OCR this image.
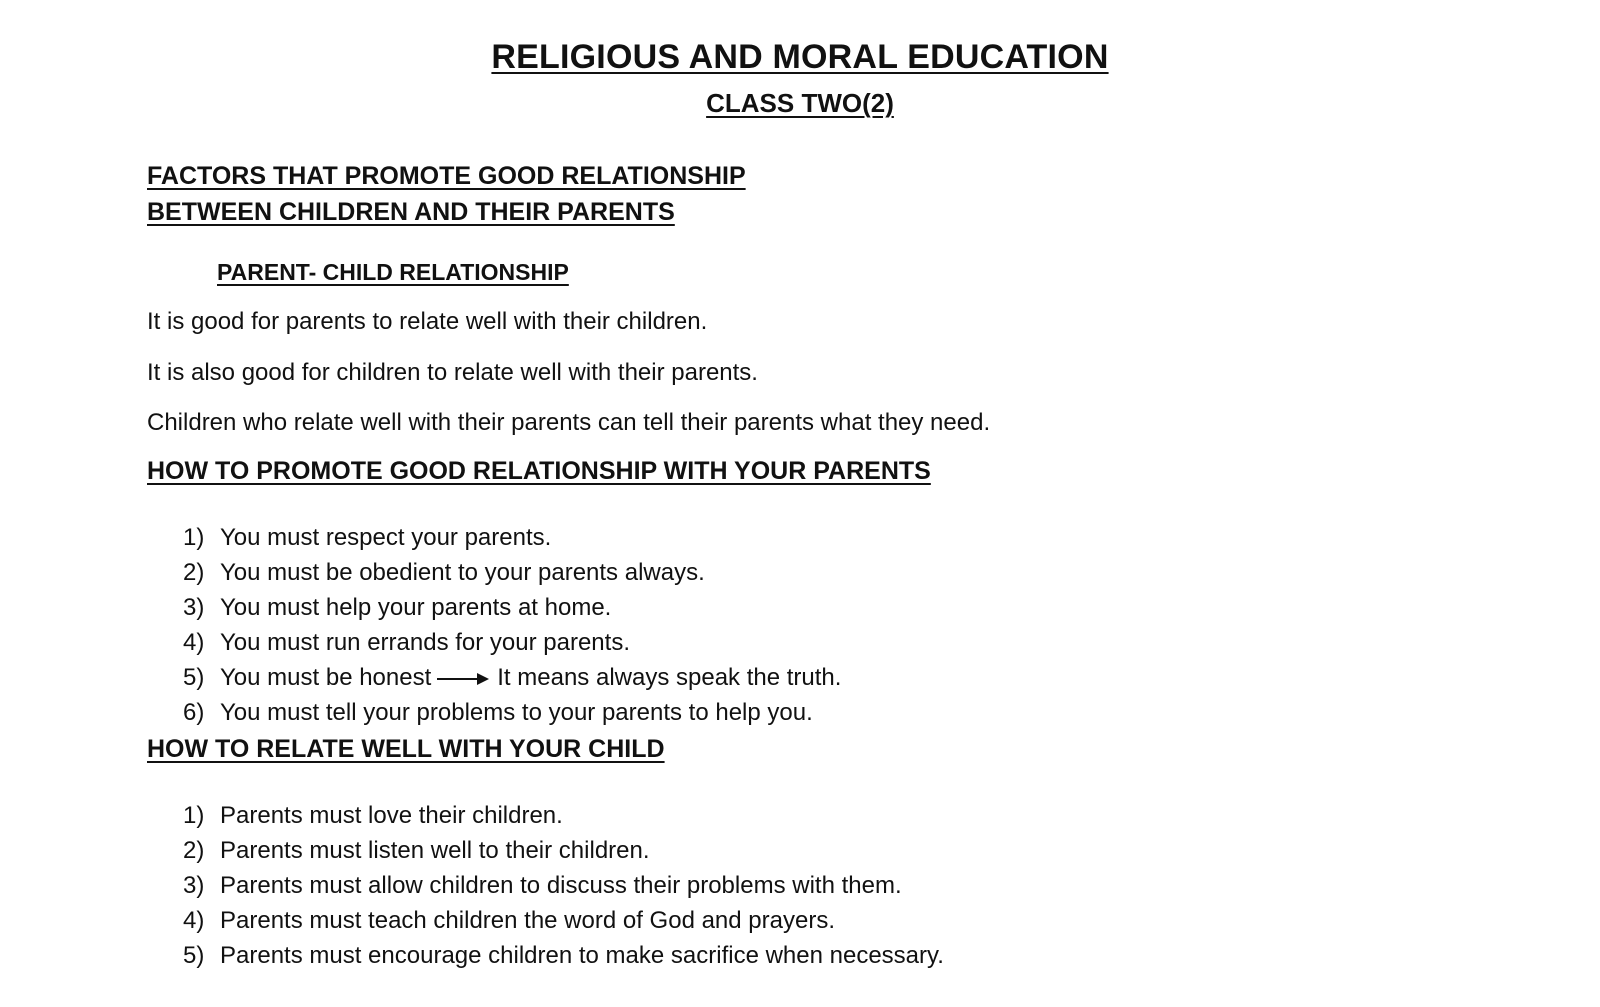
RELIGIOUS AND MORAL EDUCATION
CLASS TWO(2)
FACTORS THAT PROMOTE GOOD RELATIONSHIP
BETWEEN CHILDREN AND THEIR PARENTS
PARENT- CHILD RELATIONSHIP

It is good for parents to relate well with their children.

It is also good for children to relate well with their parents.

Children who relate well with their parents can tell their parents what they need.

HOW TO PROMOTE GOOD RELATIONSHIP WITH YOUR PARENTS
1) You must respect your parents.
2) You must be obedient to your parents always.
3) You must help your parents at home.
4) You must run errands for your parents.
5) You must be honest	It means always speak the truth.
6) You must tell your problems to your parents to help you.
HOW TO RELATE WELL WITH YOUR CHILD
1) Parents must love their children.
2) Parents must listen well to their children.
3) Parents must allow children to discuss their problems with them.
4) Parents must teach children the word of God and prayers.
5) Parents must encourage children to make sacrifice when necessary.
